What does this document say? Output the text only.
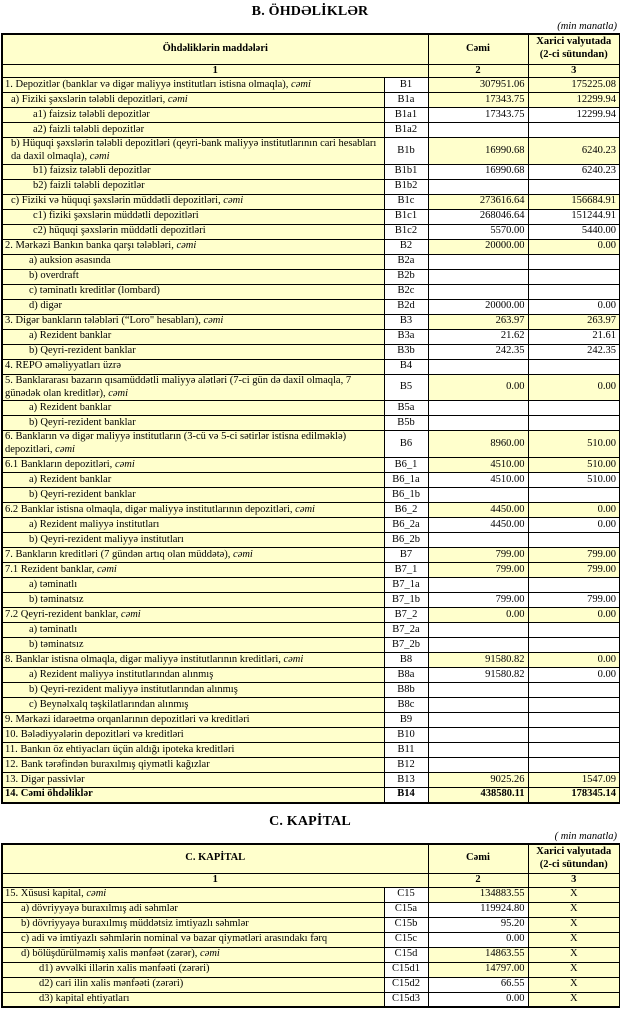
B. ÖHDƏLİKLƏR
(min manatla)
Öhdəliklərin maddələri		Cəmi	Xarici valyutada (2-ci sütundan)
1		2	3
1. Depozitlər (banklar və digər maliyyə institutları istisna olmaqla), cəmi	B1	307951.06	175225.08
a) Fiziki şəxslərin tələbli depozitləri, cəmi	B1a	17343.75	12299.94
a1) faizsiz tələbli depozitlər	B1a1	17343.75	12299.94
a2) faizli tələbli depozitlər	B1a2		
b) Hüquqi şəxslərin tələbli depozitləri (qeyri-bank maliyyə institutlarının cari hesabları da daxil olmaqla), cəmi	B1b	16990.68	6240.23
b1) faizsiz tələbli depozitlər	B1b1	16990.68	6240.23
b2) faizli tələbli depozitlər	B1b2		
c) Fiziki və hüquqi şəxslərin müddətli depozitləri, cəmi	B1c	273616.64	156684.91
c1) fiziki şəxslərin müddətli depozitləri	B1c1	268046.64	151244.91
c2) hüquqi şəxslərin müddətli depozitləri	B1c2	5570.00	5440.00
2. Mərkəzi Bankın banka qarşı tələbləri, cəmi	B2	20000.00	0.00
a) auksion əsasında	B2a		
b) overdraft	B2b		
c) təminatlı kreditlər (lombard)	B2c		
d) digər	B2d	20000.00	0.00
3. Digər bankların tələbləri (“Loro" hesabları), cəmi	B3	263.97	263.97
a) Rezident banklar	B3a	21.62	21.61
b) Qeyri-rezident banklar	B3b	242.35	242.35
4. REPO əməliyyatları üzrə	B4		
5. Banklararası bazarın qısamüddətli maliyyə alətləri (7-ci gün də daxil olmaqla, 7 günədək olan kreditlər), cəmi	B5	0.00	0.00
a) Rezident banklar	B5a		
b) Qeyri-rezident banklar	B5b		
6. Bankların və digər maliyyə institutların (3-cü və 5-ci sətirlər istisna edilməklə) depozitləri, cəmi	B6	8960.00	510.00
6.1 Bankların depozitləri, cəmi	B6_1	4510.00	510.00
a) Rezident banklar	B6_1a	4510.00	510.00
b) Qeyri-rezident banklar	B6_1b		
6.2 Banklar istisna olmaqla, digər maliyyə institutlarının depozitləri, cəmi	B6_2	4450.00	0.00
a) Rezident maliyyə institutları	B6_2a	4450.00	0.00
b) Qeyri-rezident maliyyə institutları	B6_2b		
7. Bankların kreditləri (7 gündən artıq olan müddətə), cəmi	B7	799.00	799.00
7.1 Rezident banklar, cəmi	B7_1	799.00	799.00
a) təminatlı	B7_1a		
b) təminatsız	B7_1b	799.00	799.00
7.2 Qeyri-rezident banklar, cəmi	B7_2	0.00	0.00
a) təminatlı	B7_2a		
b) təminatsız	B7_2b		
8. Banklar istisna olmaqla, digər maliyyə institutlarının kreditləri, cəmi	B8	91580.82	0.00
a) Rezident maliyyə institutlarından alınmış	B8a	91580.82	0.00
b) Qeyri-rezident maliyyə institutlarından alınmış	B8b		
c) Beynəlxalq təşkilatlarından alınmış	B8c		
9. Mərkəzi idarəetmə orqanlarının depozitləri və kreditləri	B9		
10. Bələdiyyələrin depozitləri və kreditləri	B10		
11. Bankın öz ehtiyacları üçün aldığı ipoteka kreditləri	B11		
12. Bank tərəfindən buraxılmış qiymətli kağızlar	B12		
13. Digər passivlər	B13	9025.26	1547.09
14. Cəmi öhdəliklər	B14	438580.11	178345.14
C. KAPİTAL
( min manatla)
C. KAPİTAL		Cəmi	Xarici valyutada (2-ci sütundan)
1		2	3
15. Xüsusi kapital, cəmi	C15	134883.55	X
a) dövriyyəyə buraxılmış adi səhmlər	C15a	119924.80	X
b) dövriyyəyə buraxılmış müddətsiz imtiyazlı səhmlər	C15b	95.20	X
c) adi və imtiyazlı səhmlərin nominal və bazar qiymətləri arasındakı fərq	C15c	0.00	X
d) bölüşdürülməmiş xalis mənfəət (zərər), cəmi	C15d	14863.55	X
d1) əvvəlki illərin xalis mənfəəti (zərəri)	C15d1	14797.00	X
d2) cari ilin xalis mənfəəti (zərəri)	C15d2	66.55	X
d3) kapital ehtiyatları	C15d3	0.00	X
